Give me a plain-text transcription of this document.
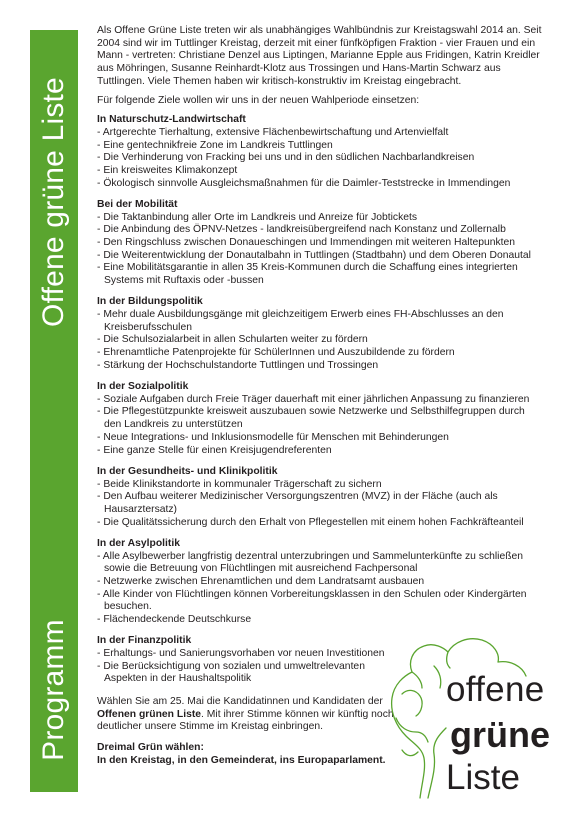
Offene grüne Liste
Programm

Als Offene Grüne Liste treten wir als unabhängiges Wahlbündnis zur Kreistagswahl 2014 an. Seit 2004 sind wir im Tuttlinger Kreistag, derzeit mit einer fünfköpfigen Fraktion - vier Frauen und ein Mann - vertreten: Christiane Denzel aus Liptingen, Marianne Epple aus Fridingen, Katrin Kreidler aus Möhringen, Susanne Reinhardt-Klotz aus Trossingen und Hans-Martin Schwarz aus Tuttlingen. Viele Themen haben wir kritisch-konstruktiv im Kreistag eingebracht.

Für folgende Ziele wollen wir uns in der neuen Wahlperiode einsetzen:

In Naturschutz-Landwirtschaft
- Artgerechte Tierhaltung, extensive Flächenbewirtschaftung und Artenvielfalt
- Eine gentechnikfreie Zone im Landkreis Tuttlingen
- Die Verhinderung von Fracking bei uns und in den südlichen Nachbarlandkreisen
- Ein kreisweites Klimakonzept
- Ökologisch sinnvolle Ausgleichsmaßnahmen für die Daimler-Teststrecke in Immendingen
Bei der Mobilität
- Die Taktanbindung aller Orte im Landkreis und Anreize für Jobtickets
- Die Anbindung des ÖPNV-Netzes - landkreisübergreifend nach Konstanz und Zollernalb
- Den Ringschluss zwischen Donaueschingen und Immendingen mit weiteren Haltepunkten
- Die Weiterentwicklung der Donautalbahn in Tuttlingen (Stadtbahn) und dem Oberen Donautal
- Eine Mobilitätsgarantie in allen 35 Kreis-Kommunen durch die Schaffung eines integrierten Systems mit Ruftaxis oder -bussen
In der Bildungspolitik
- Mehr duale Ausbildungsgänge mit gleichzeitigem Erwerb eines FH-Abschlusses an den Kreisberufsschulen
- Die Schulsozialarbeit in allen Schularten weiter zu fördern
- Ehrenamtliche Patenprojekte für SchülerInnen und Auszubildende zu fördern
- Stärkung der Hochschulstandorte Tuttlingen und Trossingen
In der Sozialpolitik
- Soziale Aufgaben durch Freie Träger dauerhaft mit einer jährlichen Anpassung zu finanzieren
- Die Pflegestützpunkte kreisweit auszubauen sowie Netzwerke und Selbsthilfegruppen durch den Landkreis zu unterstützen
- Neue Integrations- und Inklusionsmodelle für Menschen mit Behinderungen
- Eine ganze Stelle für einen Kreisjugendreferenten
In der Gesundheits- und Klinikpolitik
- Beide Klinikstandorte in kommunaler Trägerschaft zu sichern
- Den Aufbau weiterer Medizinischer Versorgungszentren (MVZ) in der Fläche (auch als Hausarztersatz)
- Die Qualitätssicherung durch den Erhalt von Pflegestellen mit einem hohen Fachkräfteanteil
In der Asylpolitik
- Alle Asylbewerber langfristig dezentral unterzubringen und Sammelunterkünfte zu schließen sowie die Betreuung von Flüchtlingen mit ausreichend Fachpersonal
- Netzwerke zwischen Ehrenamtlichen und dem Landratsamt ausbauen
- Alle Kinder von Flüchtlingen können Vorbereitungsklassen in den Schulen oder Kindergärten besuchen.
- Flächendeckende Deutschkurse
In der Finanzpolitik
- Erhaltungs- und Sanierungsvorhaben vor neuen Investitionen
- Die Berücksichtigung von sozialen und umweltrelevanten Aspekten in der Haushaltspolitik

Wählen Sie am 25. Mai die Kandidatinnen und Kandidaten der Offenen grünen Liste. Mit ihrer Stimme können wir künftig noch deutlicher unsere Stimme im Kreistag einbringen.

Dreimal Grün wählen:
In den Kreistag, in den Gemeinderat, ins Europaparlament.
offene
grüne
Liste
